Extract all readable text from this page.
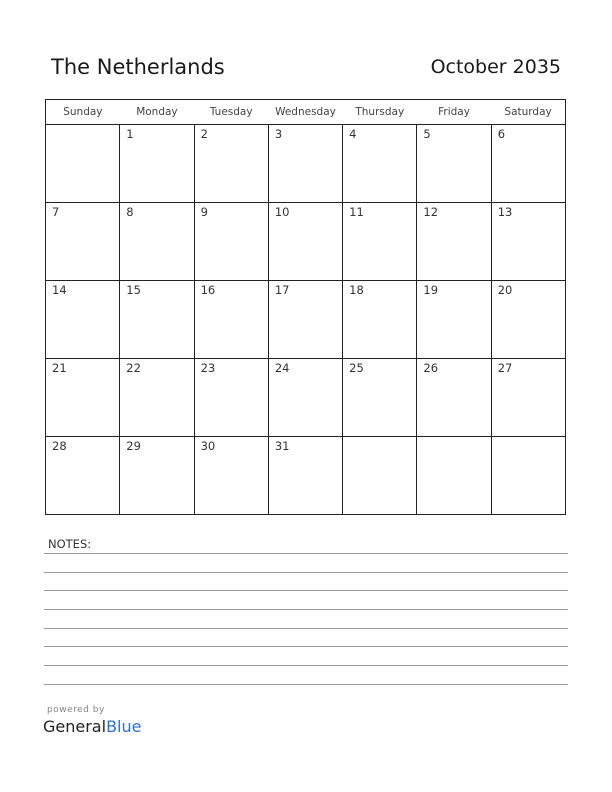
The Netherlands	October 2035
Sunday	Monday	Tuesday	Wednesday	Thursday	Friday	Saturday

	1	2	3	4	5	6

7	8	9	10	11	12	13

14	15	16	17	18	19	20

21	22	23	24	25	26	27

28	29	30	31			

NOTES:
powered by
GeneralBlue
